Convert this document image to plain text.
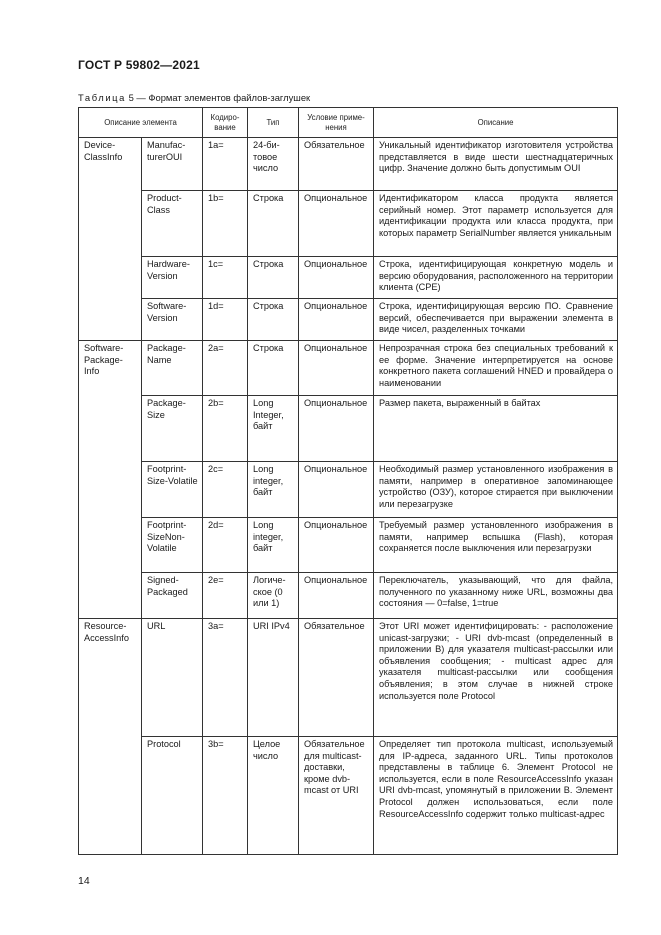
ГОСТ Р 59802—2021
Таблица 5 — Формат элементов файлов-заглушек
Описание элемента		Кодиро-вание	Тип	Условие приме-нения	Описание
Device-ClassInfo	Manufac-turerOUI	1a=	24-би-товое число	Обязательное	Уникальный идентификатор изготовителя устройства представляется в виде шести шестнадцатеричных цифр. Значение должно быть допустимым OUI
	Product-Class	1b=	Строка	Опциональное	Идентификатором класса продукта является серийный номер. Этот параметр используется для идентификации продукта или класса продукта, при которых параметр SerialNumber является уникальным
	Hardware-Version	1c=	Строка	Опциональное	Строка, идентифицирующая конкретную модель и версию оборудования, расположенного на территории клиента (CPE)
	Software-Version	1d=	Строка	Опциональное	Строка, идентифицирующая версию ПО. Сравнение версий, обеспечивается при выражении элемента в виде чисел, разделенных точками
Software-Package-Info	Package-Name	2a=	Строка	Опциональное	Непрозрачная строка без специальных требований к ее форме. Значение интерпретируется на основе конкретного пакета соглашений HNED и провайдера о наименовании
	Package-Size	2b=	Long Integer, байт	Опциональное	Размер пакета, выраженный в байтах
	Footprint-Size-Volatile	2c=	Long integer, байт	Опциональное	Необходимый размер установленного изображения в памяти, например в оперативное запоминающее устройство (ОЗУ), которое стирается при выключении или перезагрузке
	Footprint-SizeNon-Volatile	2d=	Long integer, байт	Опциональное	Требуемый размер установленного изображения в памяти, например вспышка (Flash), которая сохраняется после выключения или перезагрузки
	Signed-Packaged	2e=	Логиче-ское (0 или 1)	Опциональное	Переключатель, указывающий, что для файла, полученного по указанному ниже URL, возможны два состояния — 0=false, 1=true
Resource-AccessInfo	URL	3a=	URI IPv4	Обязательное	Этот URI может идентифицировать: - расположение unicast-загрузки; - URI dvb-mcast (определенный в приложении B) для указателя multicast-рассылки или объявления сообщения; - multicast адрес для указателя multicast-рассылки или сообщения объявления; в этом случае в нижней строке используется поле Protocol
	Protocol	3b=	Целое число	Обязательное для multicast-доставки, кроме dvb-mcast от URI	Определяет тип протокола multicast, используемый для IP-адреса, заданного URL. Типы протоколов представлены в таблице 6. Элемент Protocol не используется, если в поле ResourceAccessInfo указан URI dvb-mcast, упомянутый в приложении B. Элемент Protocol должен использоваться, если поле ResourceAccessInfo содержит только multicast-адрес
14
